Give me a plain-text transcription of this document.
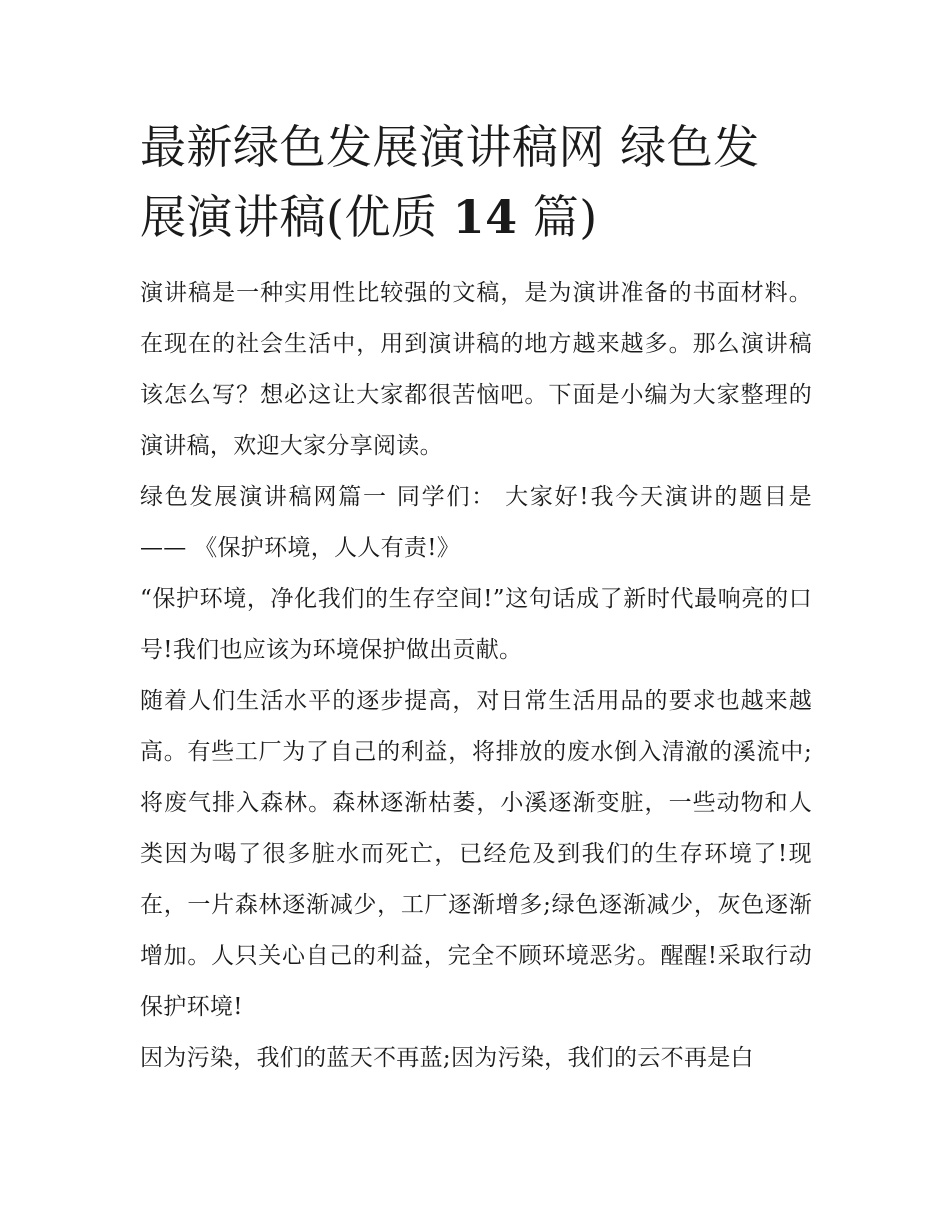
最新绿色发展演讲稿网 绿色发
展演讲稿(优质 14 篇)

演讲稿是一种实用性比较强的文稿，是为演讲准备的书面材料。在现在的社会生活中，用到演讲稿的地方越来越多。那么演讲稿该怎么写？想必这让大家都很苦恼吧。下面是小编为大家整理的演讲稿，欢迎大家分享阅读。

绿色发展演讲稿网篇一 同学们： 大家好!我今天演讲的题目是—— 《保护环境，人人有责!》

“保护环境，净化我们的生存空间!”这句话成了新时代最响亮的口号!我们也应该为环境保护做出贡献。

随着人们生活水平的逐步提高，对日常生活用品的要求也越来越高。有些工厂为了自己的利益，将排放的废水倒入清澈的溪流中;将废气排入森林。森林逐渐枯萎，小溪逐渐变脏，一些动物和人类因为喝了很多脏水而死亡，已经危及到我们的生存环境了!现在，一片森林逐渐减少，工厂逐渐增多;绿色逐渐减少，灰色逐渐增加。人只关心自己的利益，完全不顾环境恶劣。醒醒!采取行动保护环境!

因为污染，我们的蓝天不再蓝;因为污染，我们的云不再是白
